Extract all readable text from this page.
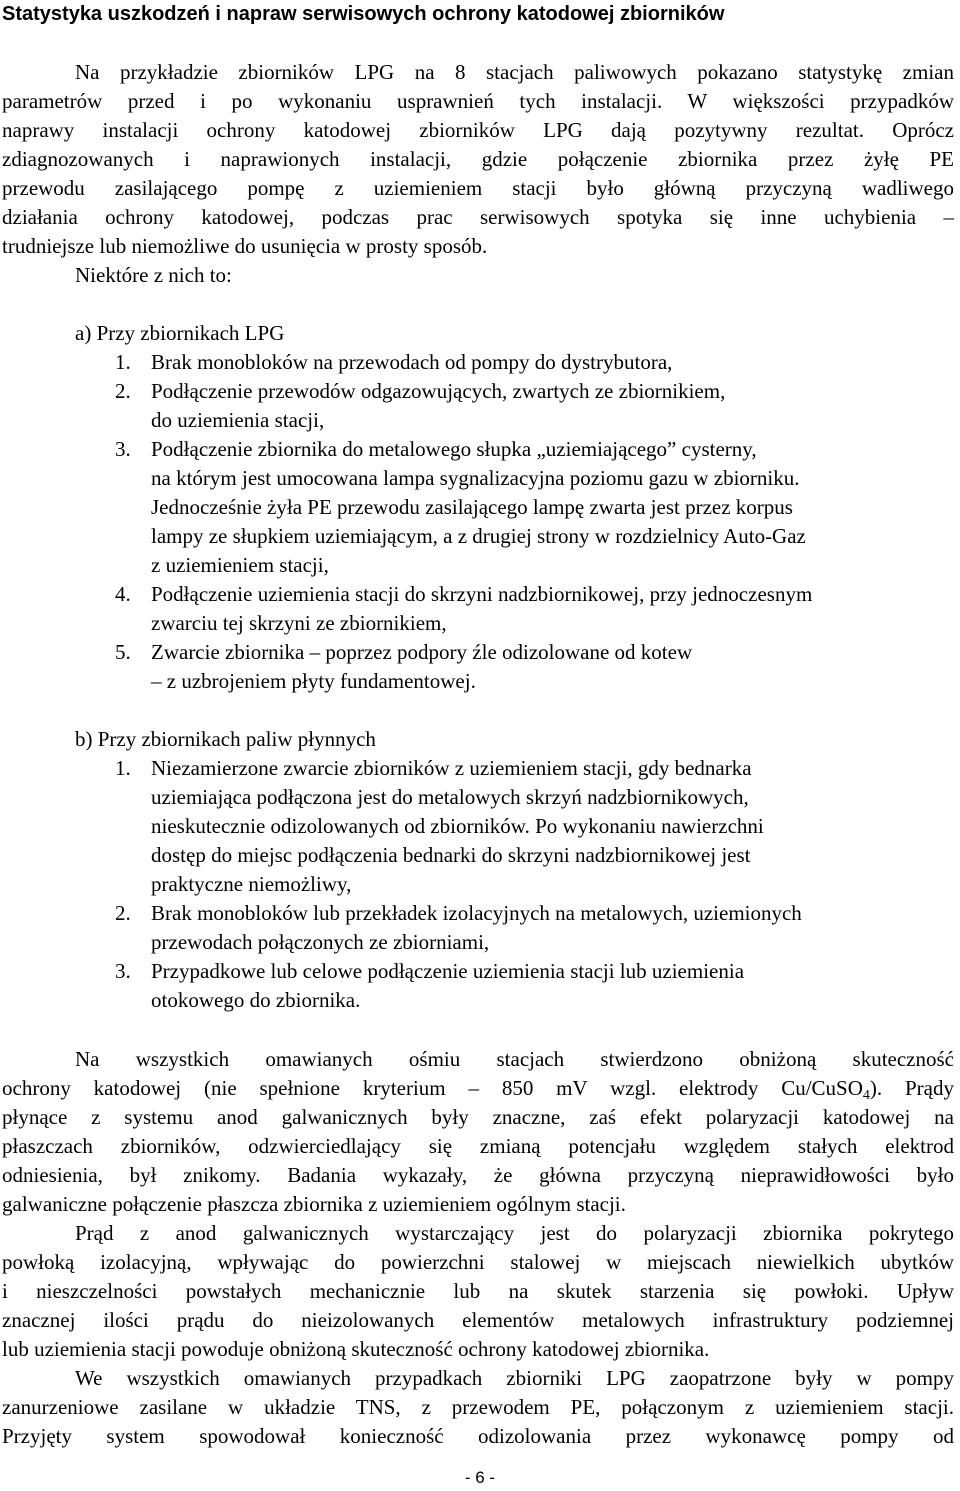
Statystyka uszkodzeń i napraw serwisowych ochrony katodowej zbiorników
Na przykładzie zbiorników LPG na 8 stacjach paliwowych pokazano statystykę zmian
parametrów przed i po wykonaniu usprawnień tych instalacji. W większości przypadków
naprawy instalacji ochrony katodowej zbiorników LPG dają pozytywny rezultat. Oprócz
zdiagnozowanych i naprawionych instalacji, gdzie połączenie zbiornika przez żyłę PE
przewodu zasilającego pompę z uziemieniem stacji było główną przyczyną wadliwego
działania ochrony katodowej, podczas prac serwisowych spotyka się inne uchybienia –
trudniejsze lub niemożliwe do usunięcia w prosty sposób.
Niektóre z nich to:
a) Przy zbiornikach LPG
1. Brak monobloków na przewodach od pompy do dystrybutora,
2. Podłączenie przewodów odgazowujących, zwartych ze zbiornikiem,
do uziemienia stacji,
3. Podłączenie zbiornika do metalowego słupka „uziemiającego” cysterny,
na którym jest umocowana lampa sygnalizacyjna poziomu gazu w zbiorniku.
Jednocześnie żyła PE przewodu zasilającego lampę zwarta jest przez korpus
lampy ze słupkiem uziemiającym, a z drugiej strony w rozdzielnicy Auto-Gaz
z uziemieniem stacji,
4. Podłączenie uziemienia stacji do skrzyni nadzbiornikowej, przy jednoczesnym
zwarciu tej skrzyni ze zbiornikiem,
5. Zwarcie zbiornika – poprzez podpory źle odizolowane od kotew
– z uzbrojeniem płyty fundamentowej.
b) Przy zbiornikach paliw płynnych
1. Niezamierzone zwarcie zbiorników z uziemieniem stacji, gdy bednarka
uziemiająca podłączona jest do metalowych skrzyń nadzbiornikowych,
nieskutecznie odizolowanych od zbiorników. Po wykonaniu nawierzchni
dostęp do miejsc podłączenia bednarki do skrzyni nadzbiornikowej jest
praktyczne niemożliwy,
2. Brak monobloków lub przekładek izolacyjnych na metalowych, uziemionych
przewodach połączonych ze zbiorniami,
3. Przypadkowe lub celowe podłączenie uziemienia stacji lub uziemienia
otokowego do zbiornika.
Na wszystkich omawianych ośmiu stacjach stwierdzono obniżoną skuteczność
ochrony katodowej (nie spełnione kryterium – 850 mV wzgl. elektrody Cu/CuSO$_4$). Prądy
płynące z systemu anod galwanicznych były znaczne, zaś efekt polaryzacji katodowej na
płaszczach zbiorników, odzwierciedlający się zmianą potencjału względem stałych elektrod
odniesienia, był znikomy. Badania wykazały, że główna przyczyną nieprawidłowości było
galwaniczne połączenie płaszcza zbiornika z uziemieniem ogólnym stacji.
Prąd z anod galwanicznych wystarczający jest do polaryzacji zbiornika pokrytego
powłoką izolacyjną, wpływając do powierzchni stalowej w miejscach niewielkich ubytków
i nieszczelności powstałych mechanicznie lub na skutek starzenia się powłoki. Upływ
znacznej ilości prądu do nieizolowanych elementów metalowych infrastruktury podziemnej
lub uziemienia stacji powoduje obniżoną skuteczność ochrony katodowej zbiornika.
We wszystkich omawianych przypadkach zbiorniki LPG zaopatrzone były w pompy
zanurzeniowe zasilane w układzie TNS, z przewodem PE, połączonym z uziemieniem stacji.
Przyjęty system spowodował konieczność odizolowania przez wykonawcę pompy od
- 6 -
